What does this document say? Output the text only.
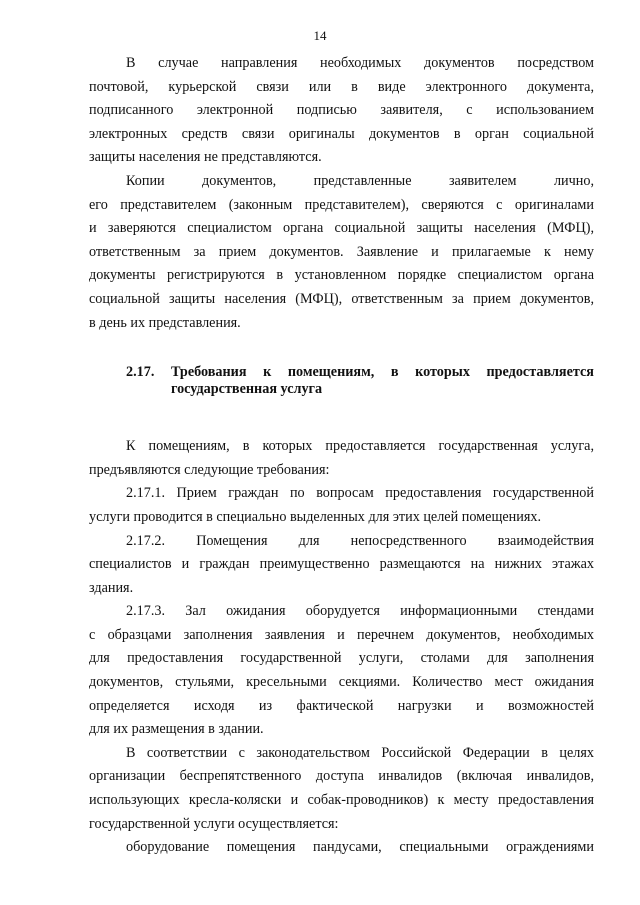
14
В случае направления необходимых документов посредством
почтовой, курьерской связи или в виде электронного документа,
подписанного электронной подписью заявителя, с использованием
электронных средств связи оригиналы документов в орган социальной
защиты населения не представляются.
Копии документов, представленные заявителем лично,
его представителем (законным представителем), сверяются с оригиналами
и заверяются специалистом органа социальной защиты населения (МФЦ),
ответственным за прием документов. Заявление и прилагаемые к нему
документы регистрируются в установленном порядке специалистом органа
социальной защиты населения (МФЦ), ответственным за прием документов,
в день их представления.
2.17.	Требования к помещениям, в которых предоставляется
государственная услуга
К помещениям, в которых предоставляется государственная услуга,
предъявляются следующие требования:
2.17.1. Прием граждан по вопросам предоставления государственной
услуги проводится в специально выделенных для этих целей помещениях.
2.17.2. Помещения для непосредственного взаимодействия
специалистов и граждан преимущественно размещаются на нижних этажах
здания.
2.17.3. Зал ожидания оборудуется информационными стендами
с образцами заполнения заявления и перечнем документов, необходимых
для предоставления государственной услуги, столами для заполнения
документов, стульями, кресельными секциями. Количество мест ожидания
определяется исходя из фактической нагрузки и возможностей
для их размещения в здании.
В соответствии с законодательством Российской Федерации в целях
организации беспрепятственного доступа инвалидов (включая инвалидов,
использующих кресла-коляски и собак-проводников) к месту предоставления
государственной услуги осуществляется:
оборудование помещения пандусами, специальными ограждениями
